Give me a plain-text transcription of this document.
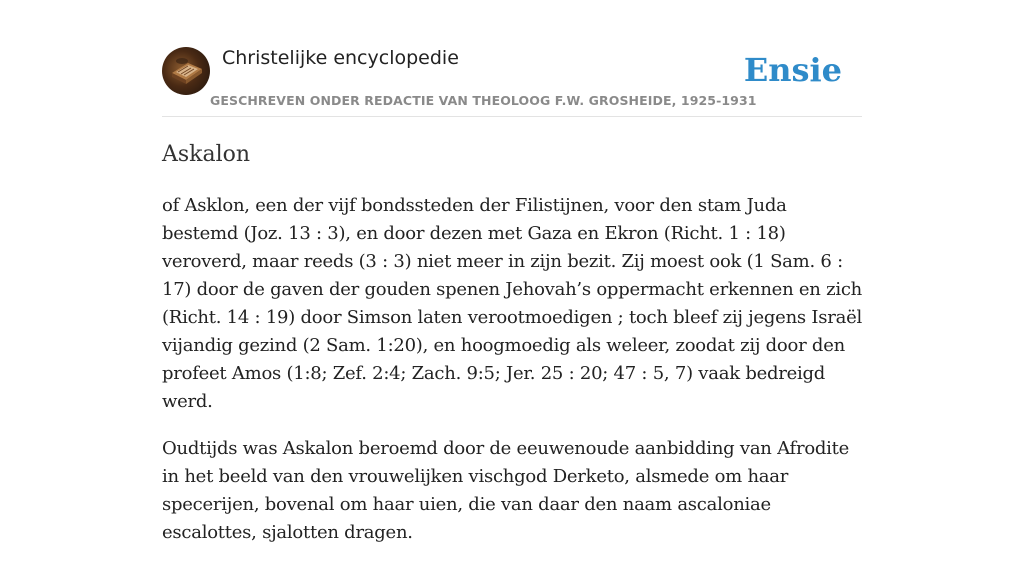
Christelijke encyclopedie
GESCHREVEN ONDER REDACTIE VAN THEOLOOG F.W. GROSHEIDE, 1925-1931
Ensie
Askalon

of Asklon, een der vijf bondssteden der Filistijnen, voor den stam Juda bestemd (Joz. 13 : 3), en door dezen met Gaza en Ekron (Richt. 1 : 18) veroverd, maar reeds (3 : 3) niet meer in zijn bezit. Zij moest ook (1 Sam. 6 : 17) door de gaven der gouden spenen Jehovah’s oppermacht erkennen en zich (Richt. 14 : 19) door Simson laten verootmoedigen ; toch bleef zij jegens Israël vijandig gezind (2 Sam. 1:20), en hoogmoedig als weleer, zoodat zij door den profeet Amos (1:8; Zef. 2:4; Zach. 9:5; Jer. 25 : 20; 47 : 5, 7) vaak bedreigd werd.

Oudtijds was Askalon beroemd door de eeuwenoude aanbidding van Afrodite in het beeld van den vrouwelijken vischgod Derketo, alsmede om haar specerijen, bovenal om haar uien, die van daar den naam ascaloniae escalottes, sjalotten dragen.
